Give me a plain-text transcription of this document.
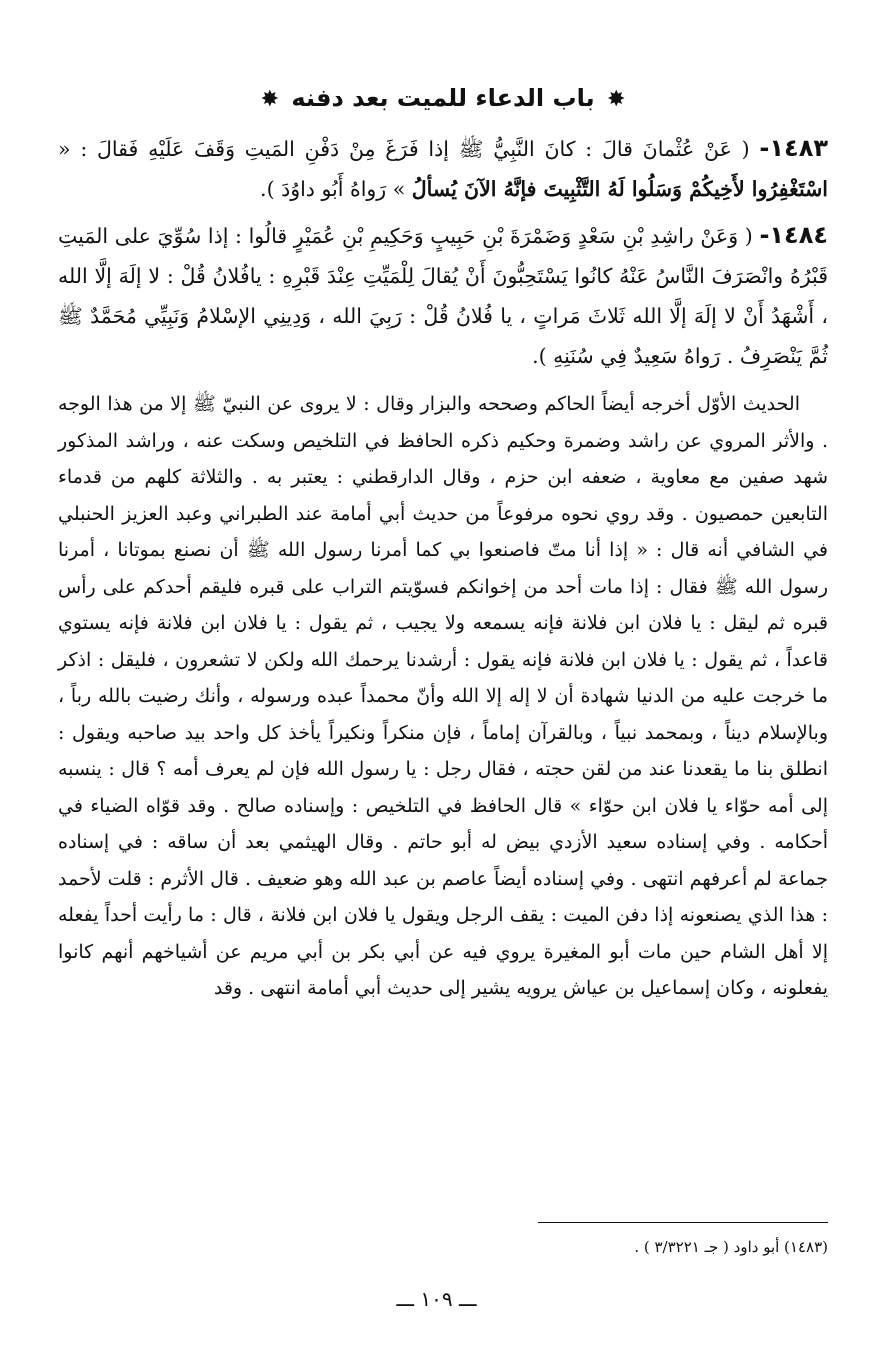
✸ باب الدعاء للميت بعد دفنه ✸

١٤٨٣- ( عَنْ عُثْمانَ قالَ : كانَ النَّبِيُّ ﷺ إذا فَرَغَ مِنْ دَفْنِ المَيتِ وَقَفَ عَلَيْهِ فَقالَ : « اسْتَغْفِرُوا لأَخِيكُمْ وَسَلُوا لَهُ التَّثْبِيتَ فإنَّهُ الآنَ يُسألُ » رَواهُ أَبُو داوُدَ ).

١٤٨٤- ( وَعَنْ راشِدِ بْنِ سَعْدٍ وَضَمْرَةَ بْنِ حَبِيبٍ وَحَكِيمِ بْنِ عُمَيْرٍ قالُوا : إذا سُوِّيَ على المَيتِ قَبْرُهُ وانْصَرَفَ النَّاسُ عَنْهُ كانُوا يَسْتَحِبُّونَ أَنْ يُقالَ لِلْمَيِّتِ عِنْدَ قَبْرِهِ : يافُلانُ قُلْ : لا إلَهَ إلَّا الله ، أَشْهَدُ أَنْ لا إلَهَ إلَّا الله ثَلاثَ مَراتٍ ، يا فُلانُ قُلْ : رَبِيَ الله ، وَدِينِي الإسْلامُ وَنَبِيِّي مُحَمَّدٌ ﷺ ثُمَّ يَنْصَرِفُ . رَواهُ سَعِيدٌ فِي سُنَنِهِ ).

الحديث الأوّل أخرجه أيضاً الحاكم وصححه والبزار وقال : لا يروى عن النبيّ ﷺ إلا من هذا الوجه . والأثر المروي عن راشد وضمرة وحكيم ذكره الحافظ في التلخيص وسكت عنه ، وراشد المذكور شهد صفين مع معاوية ، ضعفه ابن حزم ، وقال الدارقطني : يعتبر به . والثلاثة كلهم من قدماء التابعين حمصيون . وقد روي نحوه مرفوعاً من حديث أبي أمامة عند الطبراني وعبد العزيز الحنبلي في الشافي أنه قال : « إذا أنا متّ فاصنعوا بي كما أمرنا رسول الله ﷺ أن نصنع بموتانا ، أمرنا رسول الله ﷺ فقال : إذا مات أحد من إخوانكم فسوّيتم التراب على قبره فليقم أحدكم على رأس قبره ثم ليقل : يا فلان ابن فلانة فإنه يسمعه ولا يجيب ، ثم يقول : يا فلان ابن فلانة فإنه يستوي قاعداً ، ثم يقول : يا فلان ابن فلانة فإنه يقول : أرشدنا يرحمك الله ولكن لا تشعرون ، فليقل : اذكر ما خرجت عليه من الدنيا شهادة أن لا إله إلا الله وأنّ محمداً عبده ورسوله ، وأنك رضيت بالله رباً ، وبالإسلام ديناً ، وبمحمد نبياً ، وبالقرآن إماماً ، فإن منكراً ونكيراً يأخذ كل واحد بيد صاحبه ويقول : انطلق بنا ما يقعدنا عند من لقن حجته ، فقال رجل : يا رسول الله فإن لم يعرف أمه ؟ قال : ينسبه إلى أمه حوّاء يا فلان ابن حوّاء » قال الحافظ في التلخيص : وإسناده صالح . وقد قوّاه الضياء في أحكامه . وفي إسناده سعيد الأزدي بيض له أبو حاتم . وقال الهيثمي بعد أن ساقه : في إسناده جماعة لم أعرفهم انتهى . وفي إسناده أيضاً عاصم بن عبد الله وهو ضعيف . قال الأثرم : قلت لأحمد : هذا الذي يصنعونه إذا دفن الميت : يقف الرجل ويقول يا فلان ابن فلانة ، قال : ما رأيت أحداً يفعله إلا أهل الشام حين مات أبو المغيرة يروي فيه عن أبي بكر بن أبي مريم عن أشياخهم أنهم كانوا يفعلونه ، وكان إسماعيل بن عياش يرويه يشير إلى حديث أبي أمامة انتهى . وقد

(١٤٨٣) أبو داود ( جـ ٣/٣٢٢١ ) .
ـــ ١٠٩ ـــ
